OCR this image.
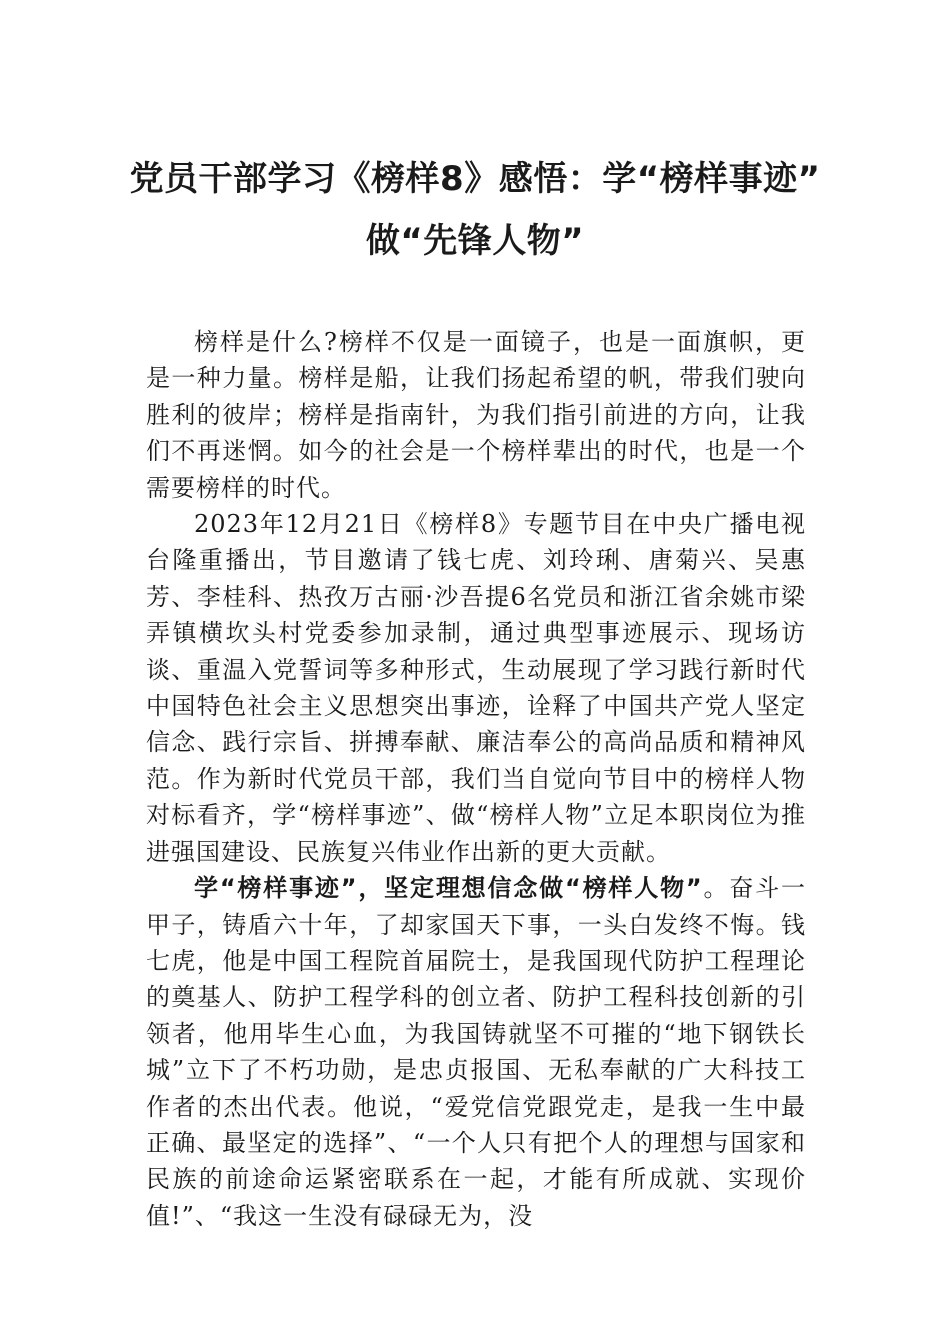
党员干部学习《榜样8》感悟：学“榜样事迹” 做“先锋人物”

榜样是什么?榜样不仅是一面镜子，也是一面旗帜，更是一种力量。榜样是船，让我们扬起希望的帆，带我们驶向胜利的彼岸；榜样是指南针，为我们指引前进的方向，让我们不再迷惘。如今的社会是一个榜样辈出的时代，也是一个需要榜样的时代。

2023年12月21日《榜样8》专题节目在中央广播电视台隆重播出，节目邀请了钱七虎、刘玲琍、唐菊兴、吴惠芳、李桂科、热孜万古丽·沙吾提6名党员和浙江省余姚市梁弄镇横坎头村党委参加录制，通过典型事迹展示、现场访谈、重温入党誓词等多种形式，生动展现了学习践行新时代中国特色社会主义思想突出事迹，诠释了中国共产党人坚定信念、践行宗旨、拼搏奉献、廉洁奉公的高尚品质和精神风范。作为新时代党员干部，我们当自觉向节目中的榜样人物对标看齐，学“榜样事迹”、做“榜样人物”立足本职岗位为推进强国建设、民族复兴伟业作出新的更大贡献。

学“榜样事迹”，坚定理想信念做“榜样人物”。奋斗一甲子，铸盾六十年，了却家国天下事，一头白发终不悔。钱七虎，他是中国工程院首届院士，是我国现代防护工程理论的奠基人、防护工程学科的创立者、防护工程科技创新的引领者，他用毕生心血，为我国铸就坚不可摧的“地下钢铁长城”立下了不朽功勋，是忠贞报国、无私奉献的广大科技工作者的杰出代表。他说，“爱党信党跟党走，是我一生中最正确、最坚定的选择”、“一个人只有把个人的理想与国家和民族的前途命运紧密联系在一起，才能有所成就、实现价值!”、“我这一生没有碌碌无为，没
